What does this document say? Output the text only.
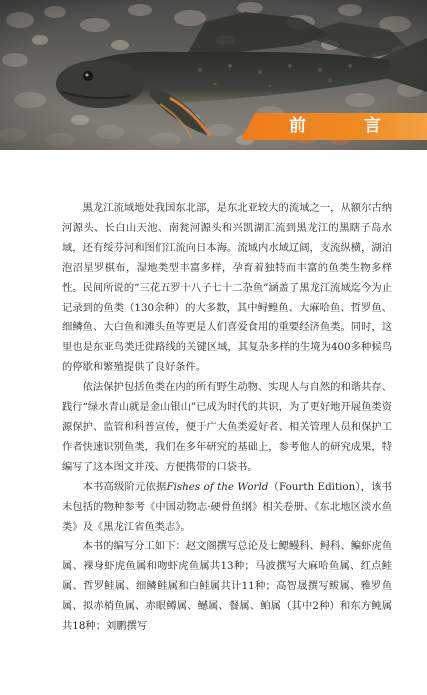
前 言

黑龙江流域地处我国东北部，是东北亚较大的流域之一，从额尔古纳河源头、长白山天池、南瓮河源头和兴凯湖汇流到黑龙江的黑瞎子岛水域，还有绥芬河和图们江流向日本海。流域内水域辽阔，支流纵横，湖泊泡沼星罗棋布，湿地类型丰富多样，孕育着独特而丰富的鱼类生物多样性。民间所说的“三花五罗十八子七十二杂鱼”涵盖了黑龙江流域迄今为止记录到的鱼类（130余种）的大多数，其中鲟鳇鱼、大麻哈鱼、哲罗鱼、细鳞鱼、大白鱼和滩头鱼等更是人们喜爱食用的重要经济鱼类。同时，这里也是东亚鸟类迁徙路线的关键区域，其复杂多样的生境为400多种候鸟的停歇和繁殖提供了良好条件。

依法保护包括鱼类在内的所有野生动物、实现人与自然的和谐共存、践行“绿水青山就是金山银山”已成为时代的共识，为了更好地开展鱼类资源保护、监管和科普宣传，便于广大鱼类爱好者、相关管理人员和保护工作者快速识别鱼类，我们在多年研究的基础上，参考他人的研究成果，特编写了这本图文并茂、方便携带的口袋书。

本书高级阶元依据Fishes of the World（Fourth Edition），该书未包括的物种参考《中国动物志·硬骨鱼纲》相关卷册、《东北地区淡水鱼类》及《黑龙江省鱼类志》。

本书的编写分工如下：赵文阁撰写总论及七鳃鳗科、鲟科、鳊虾虎鱼属、裸身虾虎鱼属和吻虾虎鱼属共13种；马波撰写大麻哈鱼属、红点鲑属、哲罗鲑属、细鳞鲑属和白鲑属共计11种；高智晟撰写鲅属、雅罗鱼属、拟赤梢鱼属、赤眼鳟属、鳡属、餐属、鲌属（其中2种）和东方鲀属共18种；刘鹏撰写
